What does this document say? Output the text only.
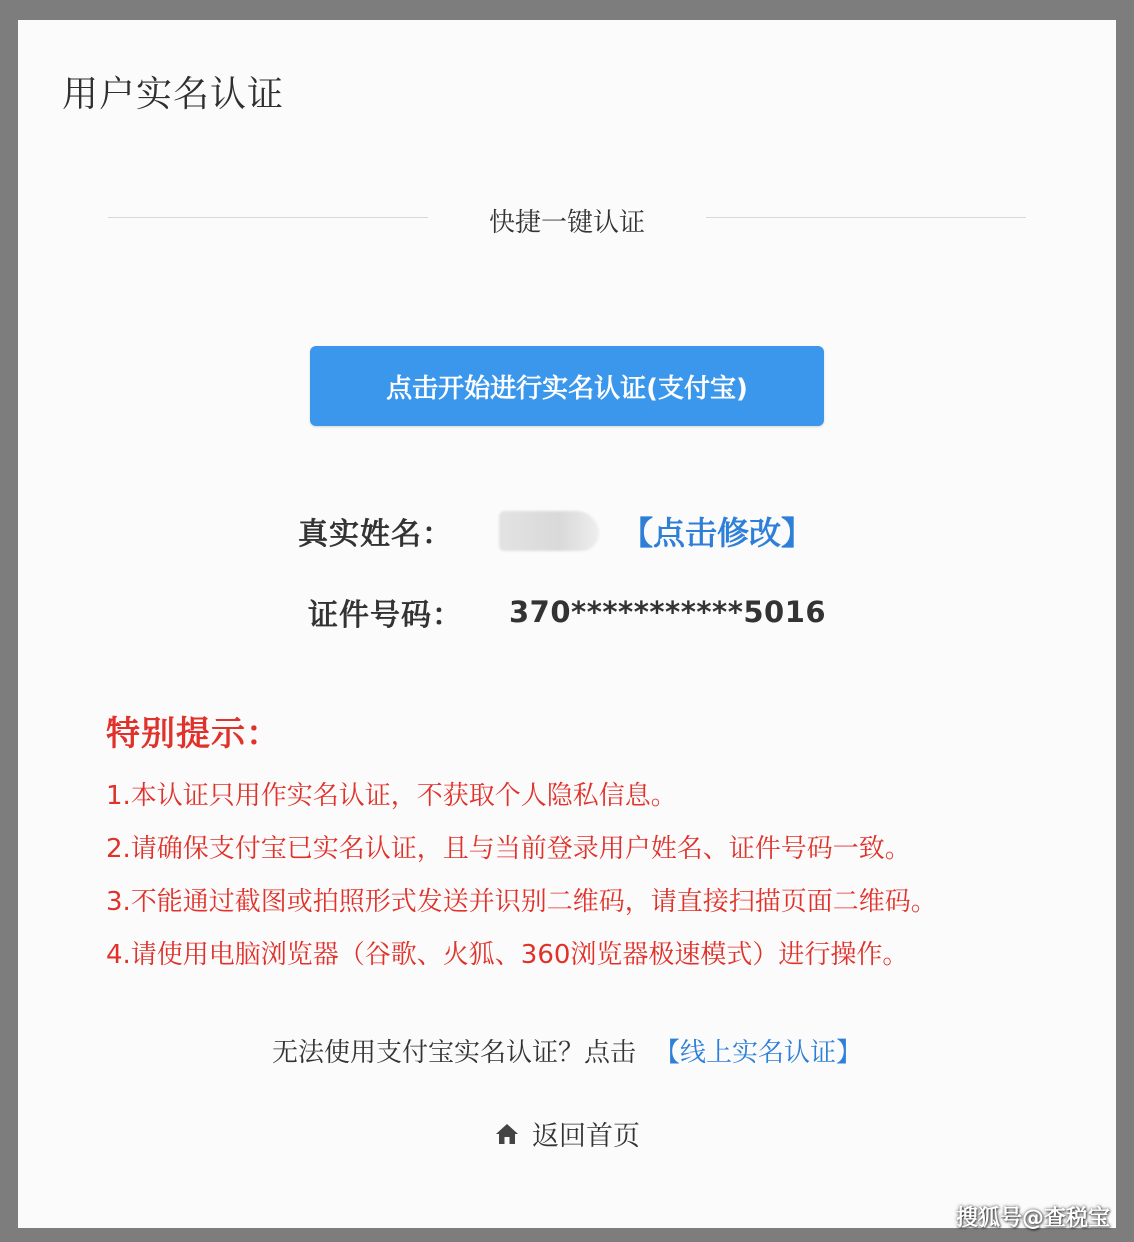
用户实名认证
快捷一键认证
点击开始进行实名认证(支付宝)
真实姓名：	【点击修改】
证件号码： 370***********5016
特别提示：
1.本认证只用作实名认证，不获取个人隐私信息。
2.请确保支付宝已实名认证，且与当前登录用户姓名、证件号码一致。
3.不能通过截图或拍照形式发送并识别二维码，请直接扫描页面二维码。
4.请使用电脑浏览器（谷歌、火狐、360浏览器极速模式）进行操作。
无法使用支付宝实名认证？点击 【线上实名认证】
返回首页
搜狐号@查税宝
